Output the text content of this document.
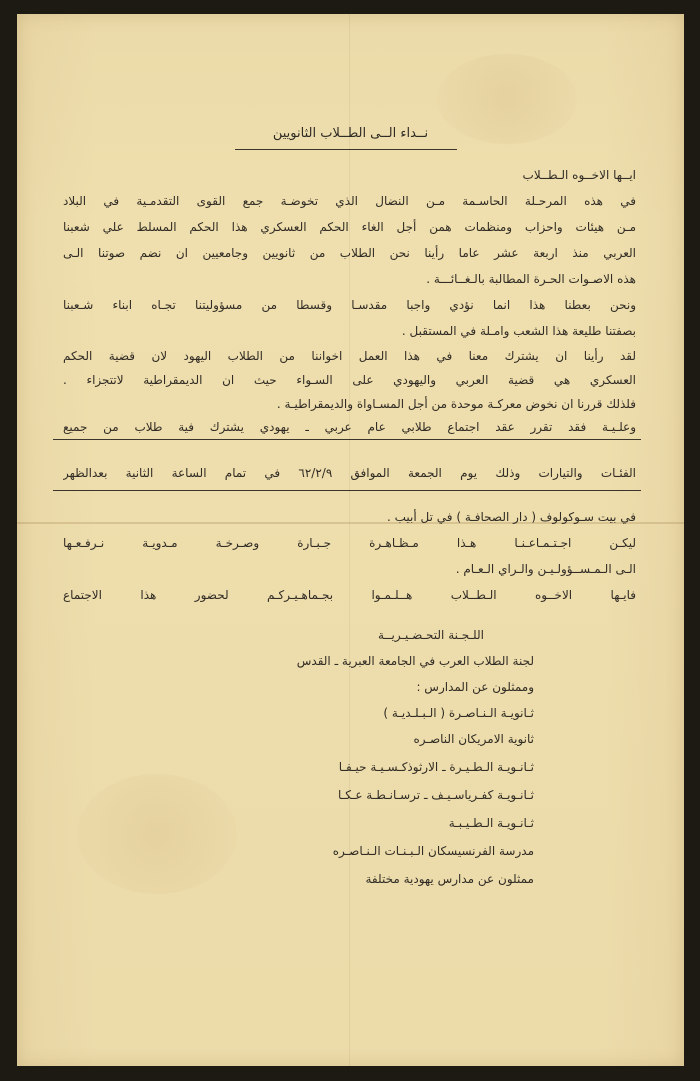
نــداء الــى الطــلاب الثانويين
ايــها الاخــوه الـطــلاب
في هذه المرحـلة الحاسـمة مـن النضال الذي تخوضـة جمع القوى التقدمـية في البلاد
مـن هيئات واحزاب ومنظمات همن أجل الغاء الحكم العسكري هذا الحكم المسلط علي شعبنا
العربي منذ اربعة عشر عاما رأينا نحن الطلاب من ثانويين وجامعيين ان نضم صوتنا الـى
هذه الاصـوات الحـرة المطالبة بالـغــائـــة .
ونحن بعطنا هذا انما نؤدي واجبا مقدسـا وقسطا من مسؤوليتنا تجـاه ابناء شـعبنا
بصفتنا طليعة هذا الشعب وامـلة في المستقبل .
لقد رأينا ان يشترك معنا في هذا العمل اخواننا من الطلاب اليهود لان قضية الحكم
العسكري هي قضية العربي واليهودي على السـواء حيث ان الديمقراطية لاتتجزاء .
فلذلك قررنا ان نخوض معركـة موحدة من أجل المسـاواة والديمقراطيـة .
وعلـيـة فقد تقرر عقد اجتماع طلابي عام عربي ـ يهودي يشترك فية طلاب من جميع
الفئـات والتيارات وذلك يوم الجمعة الموافق ٦٢/٢/٩ في تمام الساعة الثانية بعدالظهر
في بيت سـوكولوف ( دار الصحافـة ) في تل أبيب .
ليكـن اجـتـمـاعـنـا هـذا مـظـاهـرة جـبـارة وصـرخـة مـدويـة نـرفـعـها
الـى الـمـســؤولـيـن والـراي الـعـام .
فايـها الاخــوه الـطــلاب هــلـمـوا بجـماهـيـركـم لحضور هذا الاجتماع
اللـجـنة التحـضـيـريــة
لجنة الطلاب العرب في الجامعة العبرية ـ القدس
وممثلون عن المدارس :
ثـانويـة الـنـاصـرة ( الـبـلـديـة )
ثانوية الامريكان الناصـره
ثـانـويـة الـطـيـرة ـ الارثوذكـسـيـة حيـفـا
ثـانـويـة كفـرياسـيـف ـ ترسـانـطـة عـكـا
ثـانـويـة الـطـيـبـة
مدرسة الفرنسيسكان الـبـنـات الـنـاصـره
ممثلون عن مدارس يهودية مختلفة
